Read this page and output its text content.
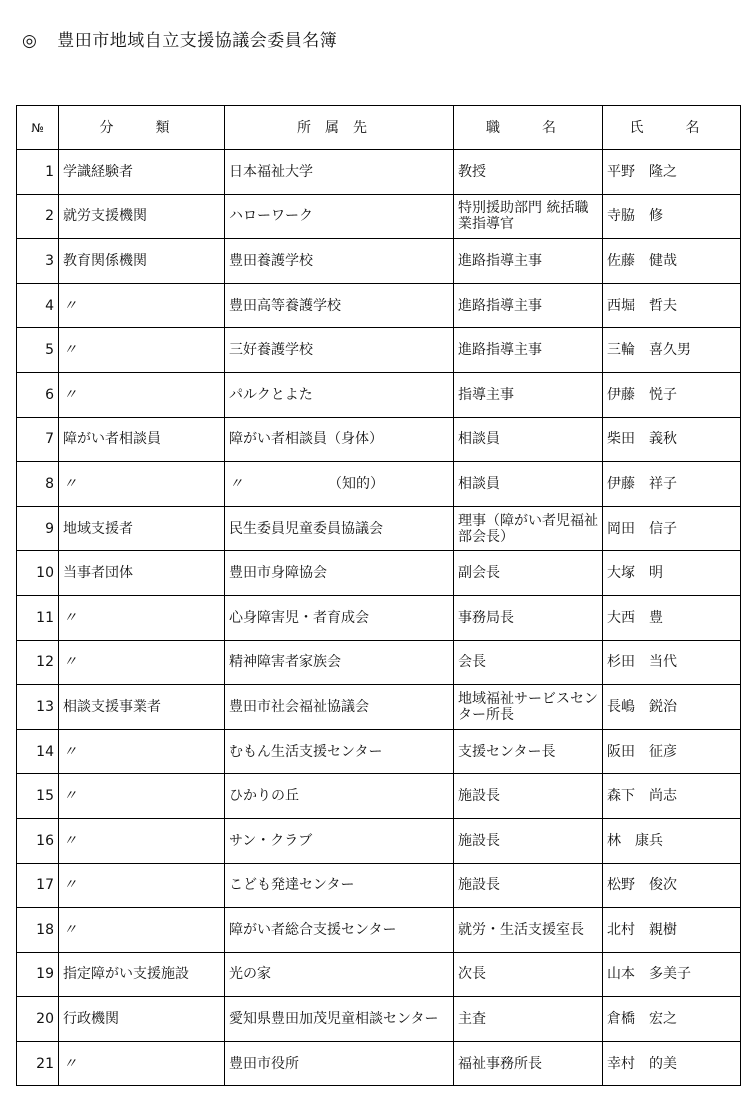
◎ 豊田市地域自立支援協議会委員名簿
№	分　類	所属先	職　名	氏　名
1	学識経験者	日本福祉大学	教授	平野　隆之
2	就労支援機関	ハローワーク	特別援助部門 統括職業指導官	寺脇　修
3	教育関係機関	豊田養護学校	進路指導主事	佐藤　健哉
4	〃	豊田高等養護学校	進路指導主事	西堀　哲夫
5	〃	三好養護学校	進路指導主事	三輪　喜久男
6	〃	パルクとよた	指導主事	伊藤　悦子
7	障がい者相談員	障がい者相談員（身体）	相談員	柴田　義秋
8	〃	〃 （知的）	相談員	伊藤　祥子
9	地域支援者	民生委員児童委員協議会	理事（障がい者児福祉部会長）	岡田　信子
10	当事者団体	豊田市身障協会	副会長	大塚　明
11	〃	心身障害児・者育成会	事務局長	大西　豊
12	〃	精神障害者家族会	会長	杉田　当代
13	相談支援事業者	豊田市社会福祉協議会	地域福祉サービスセンター所長	長嶋　鋭治
14	〃	むもん生活支援センター	支援センター長	阪田　征彦
15	〃	ひかりの丘	施設長	森下　尚志
16	〃	サン・クラブ	施設長	林　康兵
17	〃	こども発達センター	施設長	松野　俊次
18	〃	障がい者総合支援センター	就労・生活支援室長	北村　親樹
19	指定障がい支援施設	光の家	次長	山本　多美子
20	行政機関	愛知県豊田加茂児童相談センター	主査	倉橋　宏之
21	〃	豊田市役所	福祉事務所長	幸村　的美
